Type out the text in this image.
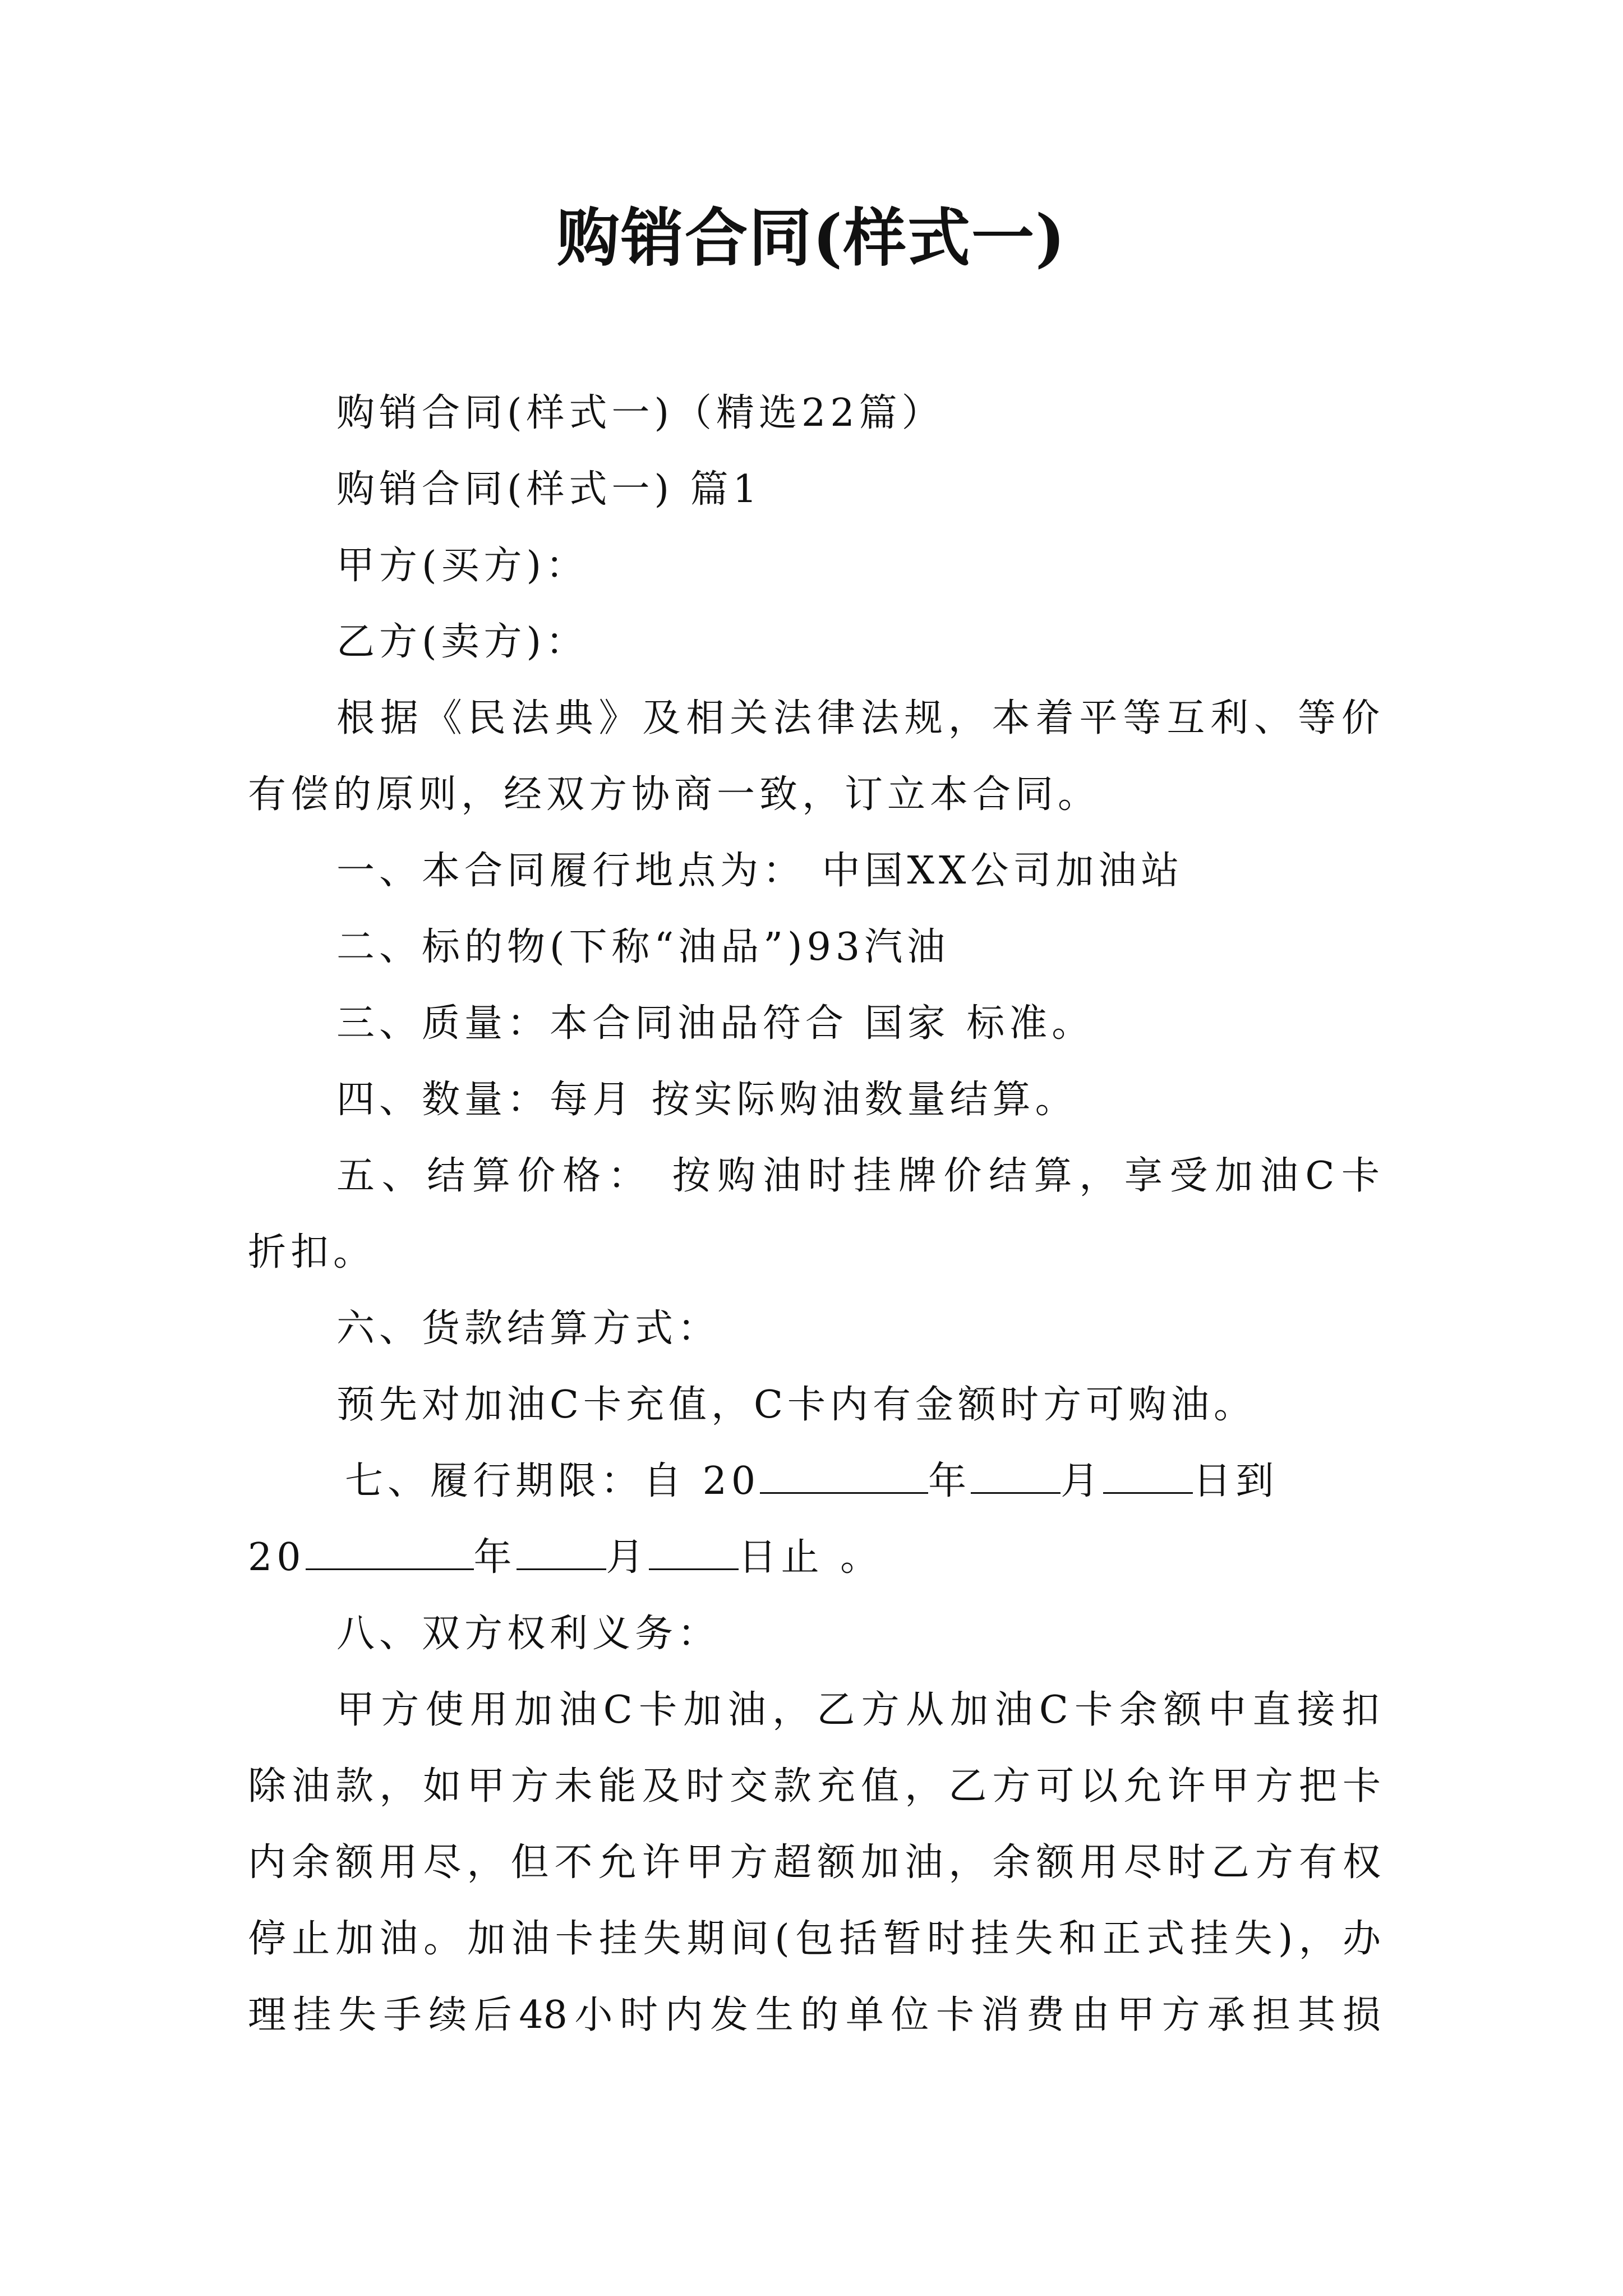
购销合同(样式一)
购销合同(样式一)（精选22篇）
购销合同(样式一) 篇1
甲方(买方)：
乙方(卖方)：
根据《民法典》及相关法律法规，本着平等互利、等价
有偿的原则，经双方协商一致，订立本合同。
一、本合同履行地点为： 中国XX公司加油站
二、标的物(下称“油品”)93汽油
三、质量：本合同油品符合 国家 标准。
四、数量：每月 按实际购油数量结算。
五、结算价格： 按购油时挂牌价结算，享受加油C卡
折扣。
六、货款结算方式：
预先对加油C卡充值，C卡内有金额时方可购油。
七、履行期限：自 20	年 月 日到
20	年 月 日止 。
八、双方权利义务：
甲方使用加油C卡加油，乙方从加油C卡余额中直接扣
除油款，如甲方未能及时交款充值，乙方可以允许甲方把卡
内余额用尽，但不允许甲方超额加油，余额用尽时乙方有权
停止加油。加油卡挂失期间(包括暂时挂失和正式挂失)，办
理挂失手续后48小时内发生的单位卡消费由甲方承担其损
